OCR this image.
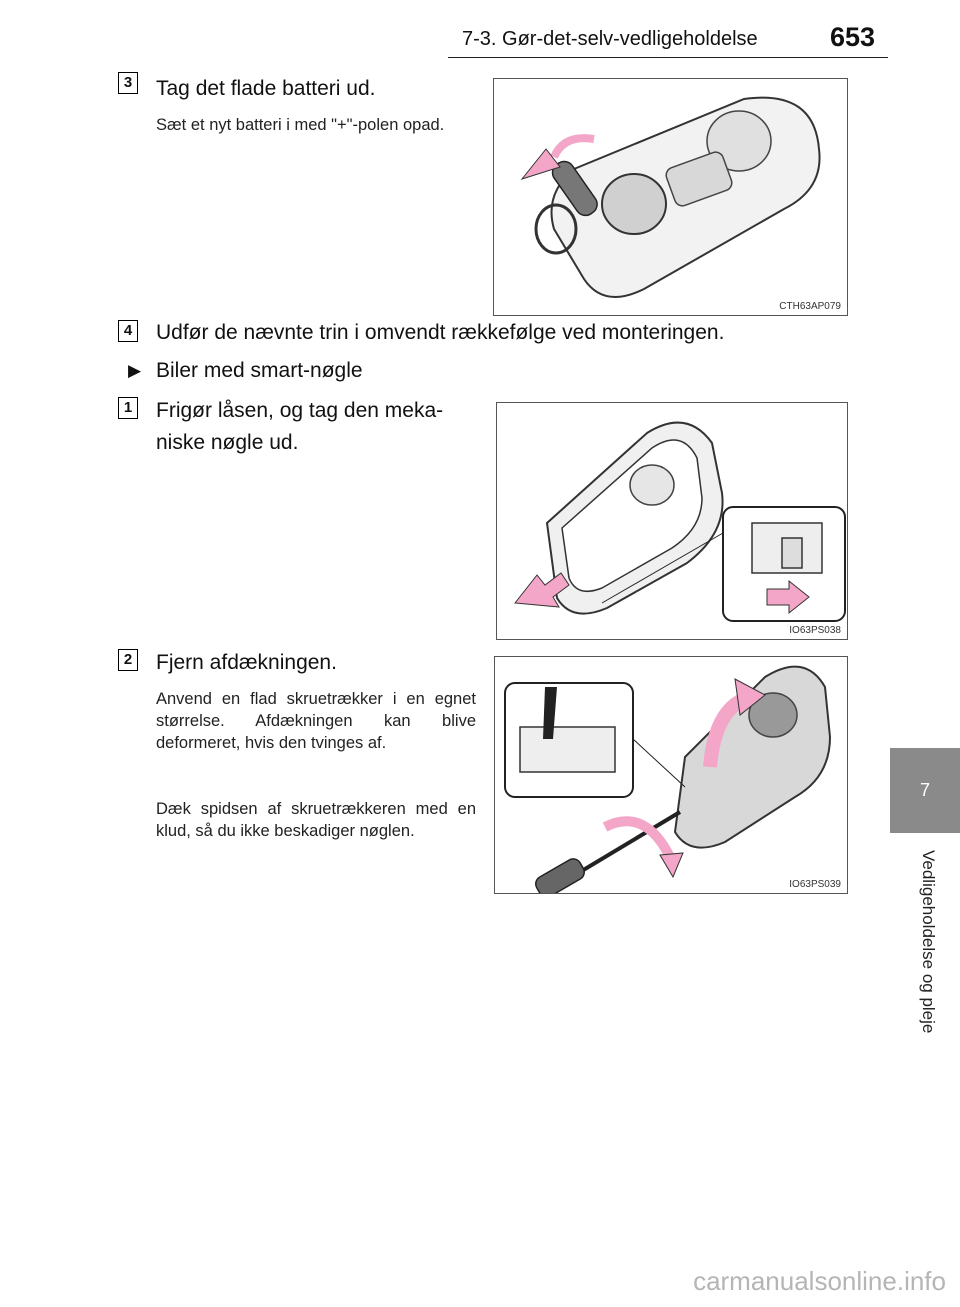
7-3. Gør-det-selv-vedligeholdelse	653
3 Tag det flade batteri ud.
Sæt et nyt batteri i med "+"-polen opad.
CTH63AP079
4 Udfør de nævnte trin i omvendt rækkefølge ved monteringen.
▶ Biler med smart-nøgle
1 Frigør låsen, og tag den meka-
niske nøgle ud.
IO63PS038
2 Fjern afdækningen.
Anvend en flad skruetrækker i en egnet størrelse. Afdækningen kan blive deformeret, hvis den tvinges af.
Dæk spidsen af skruetrækkeren med en klud, så du ikke beskadiger nøglen.
IO63PS039
7
Vedligeholdelse og pleje
carmanualsonline.info
